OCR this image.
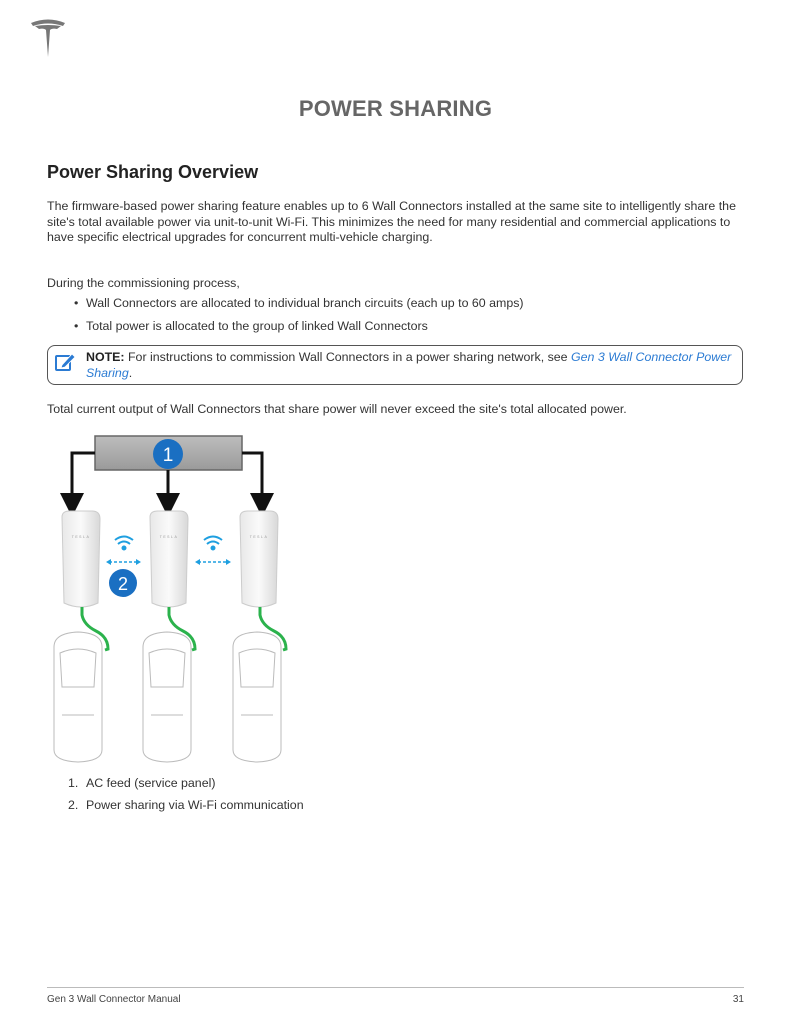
POWER SHARING
Power Sharing Overview
The firmware-based power sharing feature enables up to 6 Wall Connectors installed at the same site to intelligently share the site's total available power via unit-to-unit Wi-Fi. This minimizes the need for many residential and commercial applications to have specific electrical upgrades for concurrent multi-vehicle charging.
During the commissioning process,
• Wall Connectors are allocated to individual branch circuits (each up to 60 amps)
• Total power is allocated to the group of linked Wall Connectors
NOTE: For instructions to commission Wall Connectors in a power sharing network, see Gen 3 Wall Connector Power Sharing.
Total current output of Wall Connectors that share power will never exceed the site's total allocated power.
1
TESLA	TESLA	TESLA
2
1. AC feed (service panel)
2. Power sharing via Wi-Fi communication
Gen 3 Wall Connector Manual	31
